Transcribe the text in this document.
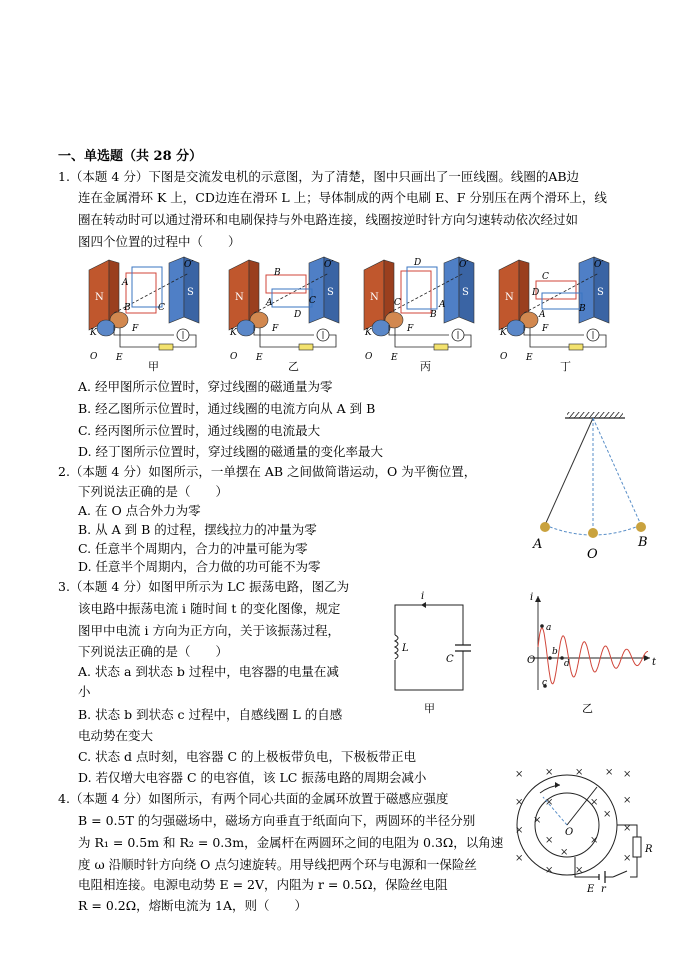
一、单选题（共 28 分）
1.（本题 4 分）下图是交流发电机的示意图，为了清楚，图中只画出了一匝线圈。线圈的AB边
连在金属滑环 K 上，CD边连在滑环 L 上；导体制成的两个电刷 E、F 分别压在两个滑环上，线
圈在转动时可以通过滑环和电刷保持与外电路连接，线圈按逆时针方向匀速转动依次经过如
图四个位置的过程中（　　）
C
B
A
B
A
D
C
D
C	A
B
C
D
A
B
甲	乙	丙	丁
A. 经甲图所示位置时，穿过线圈的磁通量为零
B. 经乙图所示位置时，通过线圈的电流方向从 A 到 B
C. 经丙图所示位置时，通过线圈的电流最大
D. 经丁图所示位置时，穿过线圈的磁通量的变化率最大
2.（本题 4 分）如图所示，一单摆在 AB 之间做简谐运动，O 为平衡位置，
下列说法正确的是（　　）
A. 在 O 点合外力为零
B. 从 A 到 B 的过程，摆线拉力的冲量为零
C. 任意半个周期内，合力的冲量可能为零
D. 任意半个周期内，合力做的功可能不为零
A
O
B
3.（本题 4 分）如图甲所示为 LC 振荡电路，图乙为
该电路中振荡电流 i 随时间 t 的变化图像，规定
图甲中电流 i 方向为正方向，关于该振荡过程，
下列说法正确的是（　　）
A. 状态 a 到状态 b 过程中，电容器的电量在减
小
B. 状态 b 到状态 c 过程中，自感线圈 L 的自感
电动势在变大
C. 状态 d 点时刻，电容器 C 的上极板带负电，下极板带正电
D. 若仅增大电容器 C 的电容值，该 LC 振荡电路的周期会减小
i
L
C
甲
i
t
O
a
b
c
d
乙
4.（本题 4 分）如图所示，有两个同心共面的金属环放置于磁感应强度
B = 0.5T 的匀强磁场中，磁场方向垂直于纸面向下，两圆环的半径分别
为 R₁ = 0.5m 和 R₂ = 0.3m，金属杆在两圆环之间的电阻为 0.3Ω，以角速
度 ω 沿顺时针方向绕 O 点匀速旋转。用导线把两个环与电源和一保险丝
电阻相连接。电源电动势 E = 2V，内阻为 r = 0.5Ω，保险丝电阻
R = 0.2Ω，熔断电流为 1A，则（　　）
× × × × ×
×	×
×	×
×
× ×
×
×	×
×	×
×
×
×
O
R
E r
